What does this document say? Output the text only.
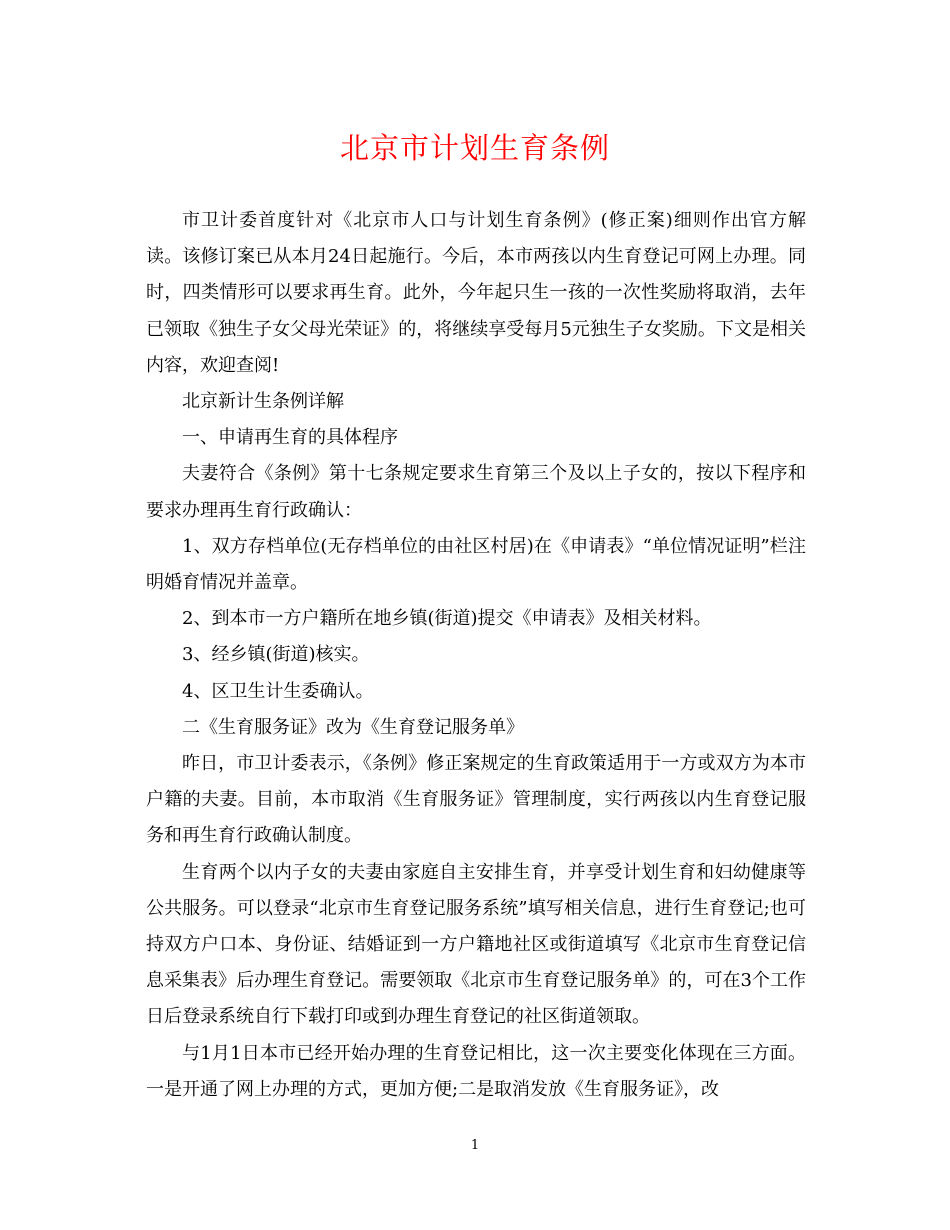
北京市计划生育条例

市卫计委首度针对《北京市人口与计划生育条例》(修正案)细则作出官方解读。该修订案已从本月24日起施行。今后，本市两孩以内生育登记可网上办理。同时，四类情形可以要求再生育。此外，今年起只生一孩的一次性奖励将取消，去年已领取《独生子女父母光荣证》的，将继续享受每月5元独生子女奖励。下文是相关内容，欢迎查阅!

北京新计生条例详解

一、申请再生育的具体程序

夫妻符合《条例》第十七条规定要求生育第三个及以上子女的，按以下程序和要求办理再生育行政确认：

1、双方存档单位(无存档单位的由社区村居)在《申请表》“单位情况证明”栏注明婚育情况并盖章。

2、到本市一方户籍所在地乡镇(街道)提交《申请表》及相关材料。

3、经乡镇(街道)核实。

4、区卫生计生委确认。

二《生育服务证》改为《生育登记服务单》

昨日，市卫计委表示，《条例》修正案规定的生育政策适用于一方或双方为本市户籍的夫妻。目前，本市取消《生育服务证》管理制度，实行两孩以内生育登记服务和再生育行政确认制度。

生育两个以内子女的夫妻由家庭自主安排生育，并享受计划生育和妇幼健康等公共服务。可以登录“北京市生育登记服务系统”填写相关信息，进行生育登记;也可持双方户口本、身份证、结婚证到一方户籍地社区或街道填写《北京市生育登记信息采集表》后办理生育登记。需要领取《北京市生育登记服务单》的，可在3个工作日后登录系统自行下载打印或到办理生育登记的社区街道领取。

与1月1日本市已经开始办理的生育登记相比，这一次主要变化体现在三方面。一是开通了网上办理的方式，更加方便;二是取消发放《生育服务证》，改

1
